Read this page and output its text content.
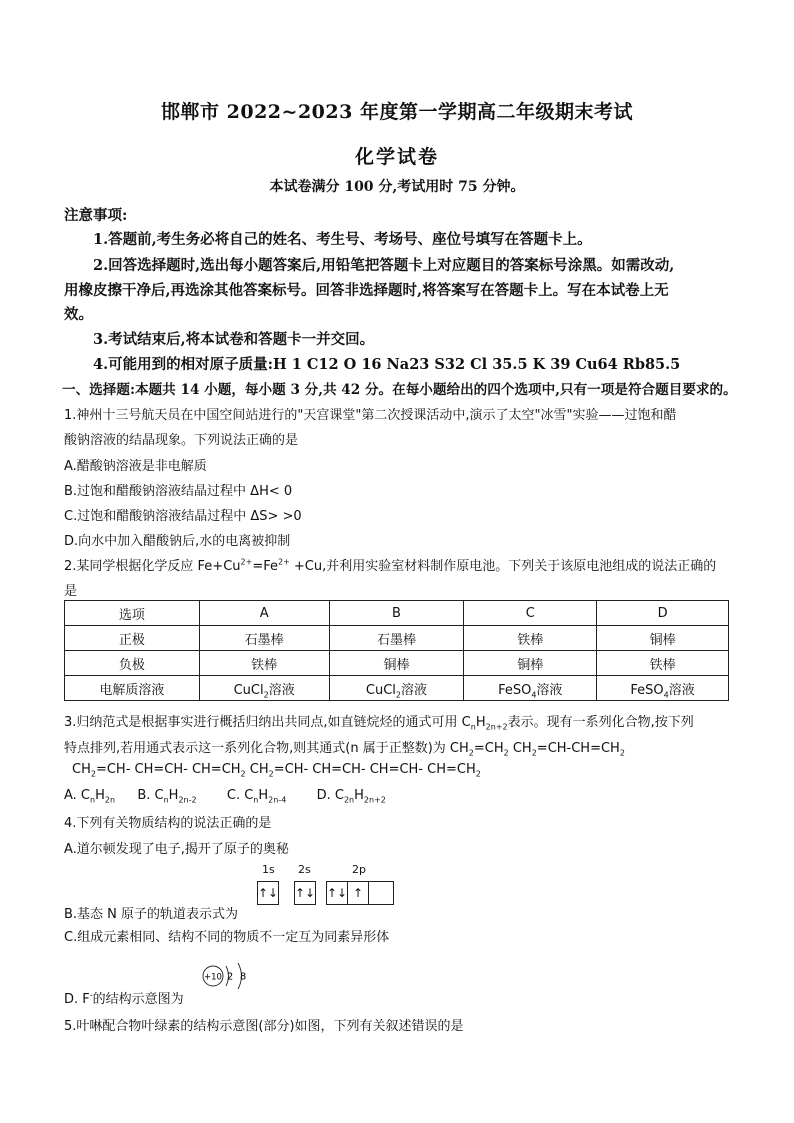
邯郸市 2022~2023 年度第一学期高二年级期末考试
化学试卷
本试卷满分 100 分,考试用时 75 分钟。
注意事项:
1.答题前,考生务必将自己的姓名、考生号、考场号、座位号填写在答题卡上。
2.回答选择题时,选出每小题答案后,用铅笔把答题卡上对应题目的答案标号涂黑。如需改动,
用橡皮擦干净后,再选涂其他答案标号。回答非选择题时,将答案写在答题卡上。写在本试卷上无
效。
3.考试结束后,将本试卷和答题卡一并交回。
4.可能用到的相对原子质量:H 1 C12 O 16 Na23 S32 Cl 35.5 K 39 Cu64 Rb85.5
一、选择题:本题共 14 小题，每小题 3 分,共 42 分。在每小题给出的四个选项中,只有一项是符合题目要求的。
1.神州十三号航天员在中国空间站进行的"天宫课堂"第二次授课活动中,演示了太空"冰雪"实验——过饱和醋
酸钠溶液的结晶现象。下列说法正确的是
A.醋酸钠溶液是非电解质
B.过饱和醋酸钠溶液结晶过程中 ΔH< 0
C.过饱和醋酸钠溶液结晶过程中 ΔS> >0
D.向水中加入醋酸钠后,水的电离被抑制
2.某同学根据化学反应 $Fe+Cu^{2+}=Fe^{2+} +Cu$,并利用实验室材料制作原电池。下列关于该原电池组成的说法正确的
是
选项	A	B	C	D
正极	石墨棒	石墨棒	铁棒	铜棒
负极	铁棒	铜棒	铜棒	铁棒
电解质溶液	CuCl$_2$溶液	CuCl$_2$溶液	FeSO$_4$溶液	FeSO$_4$溶液
3.归纳范式是根据事实进行概括归纳出共同点,如直链烷烃的通式可用 $C_nH_{2n+2}$表示。现有一系列化合物,按下列
特点排列,若用通式表示这一系列化合物,则其通式(n 属于正整数)为 $CH_2=CH_2$ $CH_2=CH-CH=CH_2$
$CH_2=CH-$ CH=CH- $CH=CH_2$ $CH_2=CH-$ CH=CH- CH=CH- $CH=CH_2$
A. $C_nH_{2n}$ B. $C_nH_{2n-2}$ C. $C_nH_{2n-4}$ D. $C_{2n}H_{2n+2}$
4.下列有关物质结构的说法正确的是
A.道尔顿发现了电子,揭开了原子的奥秘
1s 2s	2p
↑↓ ↑↓ ↑↓ ↑
B.基态 N 原子的轨道表示式为
C.组成元素相同、结构不同的物质不一定互为同素异形体
+10 2 8
D. F-的结构示意图为
5.叶啉配合物叶绿素的结构示意图(部分)如图，下列有关叙述错误的是
